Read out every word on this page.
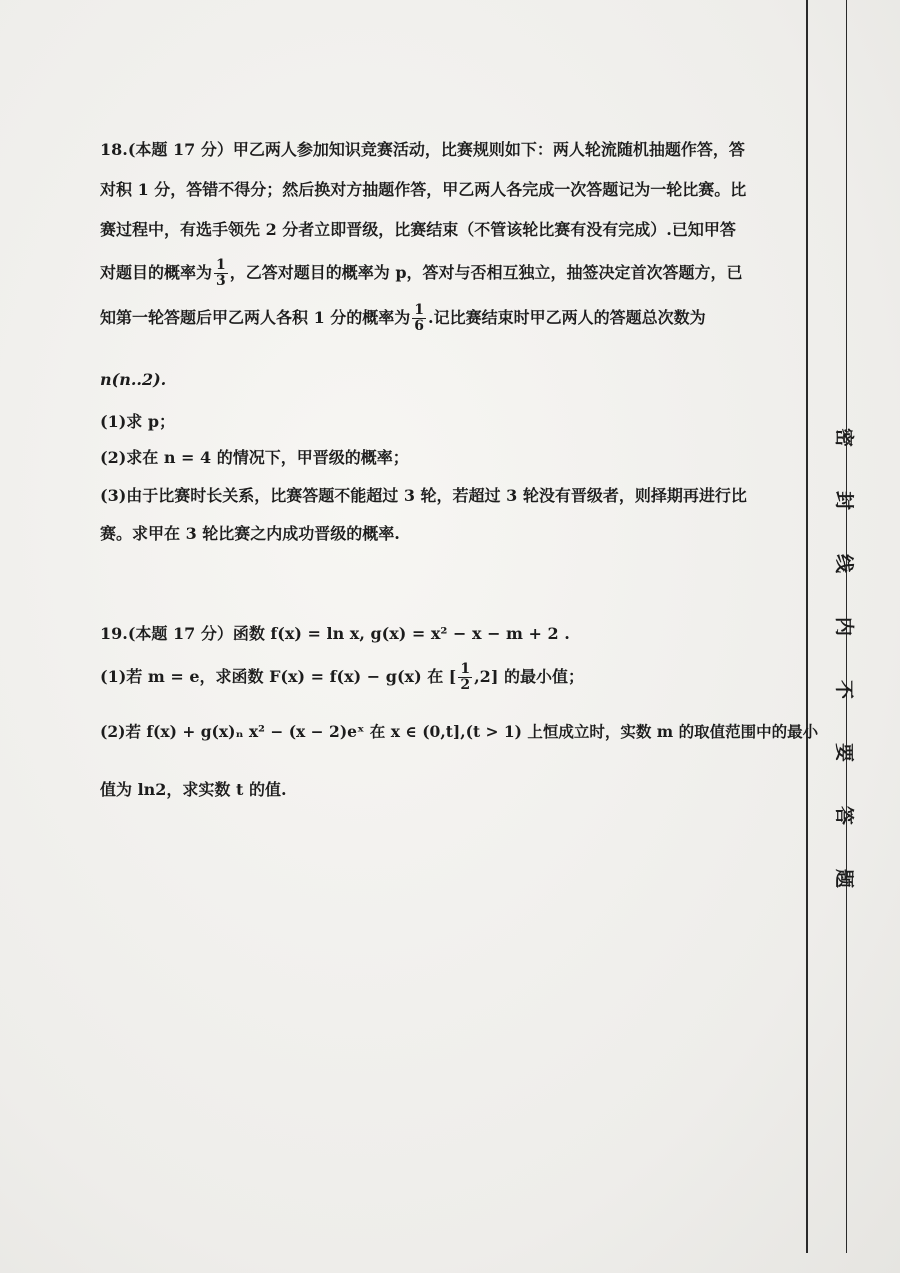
密
封
线
内
不
要
答
题
18.(本题 17 分）甲乙两人参加知识竞赛活动，比赛规则如下：两人轮流随机抽题作答，答
对积 1 分，答错不得分；然后换对方抽题作答，甲乙两人各完成一次答题记为一轮比赛。比
赛过程中，有选手领先 2 分者立即晋级，比赛结束（不管该轮比赛有没有完成）.已知甲答
对题目的概率为 $\frac{1}{3}$ ，乙答对题目的概率为 p，答对与否相互独立，抽签决定首次答题方，已
知第一轮答题后甲乙两人各积 1 分的概率为 $\frac{1}{6}$ .记比赛结束时甲乙两人的答题总次数为
n(n..2).
(1)求 p；
(2)求在 n = 4 的情况下，甲晋级的概率；
(3)由于比赛时长关系，比赛答题不能超过 3 轮，若超过 3 轮没有晋级者，则择期再进行比
赛。求甲在 3 轮比赛之内成功晋级的概率.
19.(本题 17 分）函数 f(x) = ln x, g(x) = x² − x − m + 2 .
(1)若 m = e，求函数 F(x) = f(x) − g(x) 在 [ $\frac{1}{2} ,2$] 的最小值；
(2)若 f(x) + g(x)ₙ x² − (x − 2)eˣ 在 x ∈ (0,t],(t > 1) 上恒成立时，实数 m 的取值范围中的最小
值为 ln2，求实数 t 的值.
